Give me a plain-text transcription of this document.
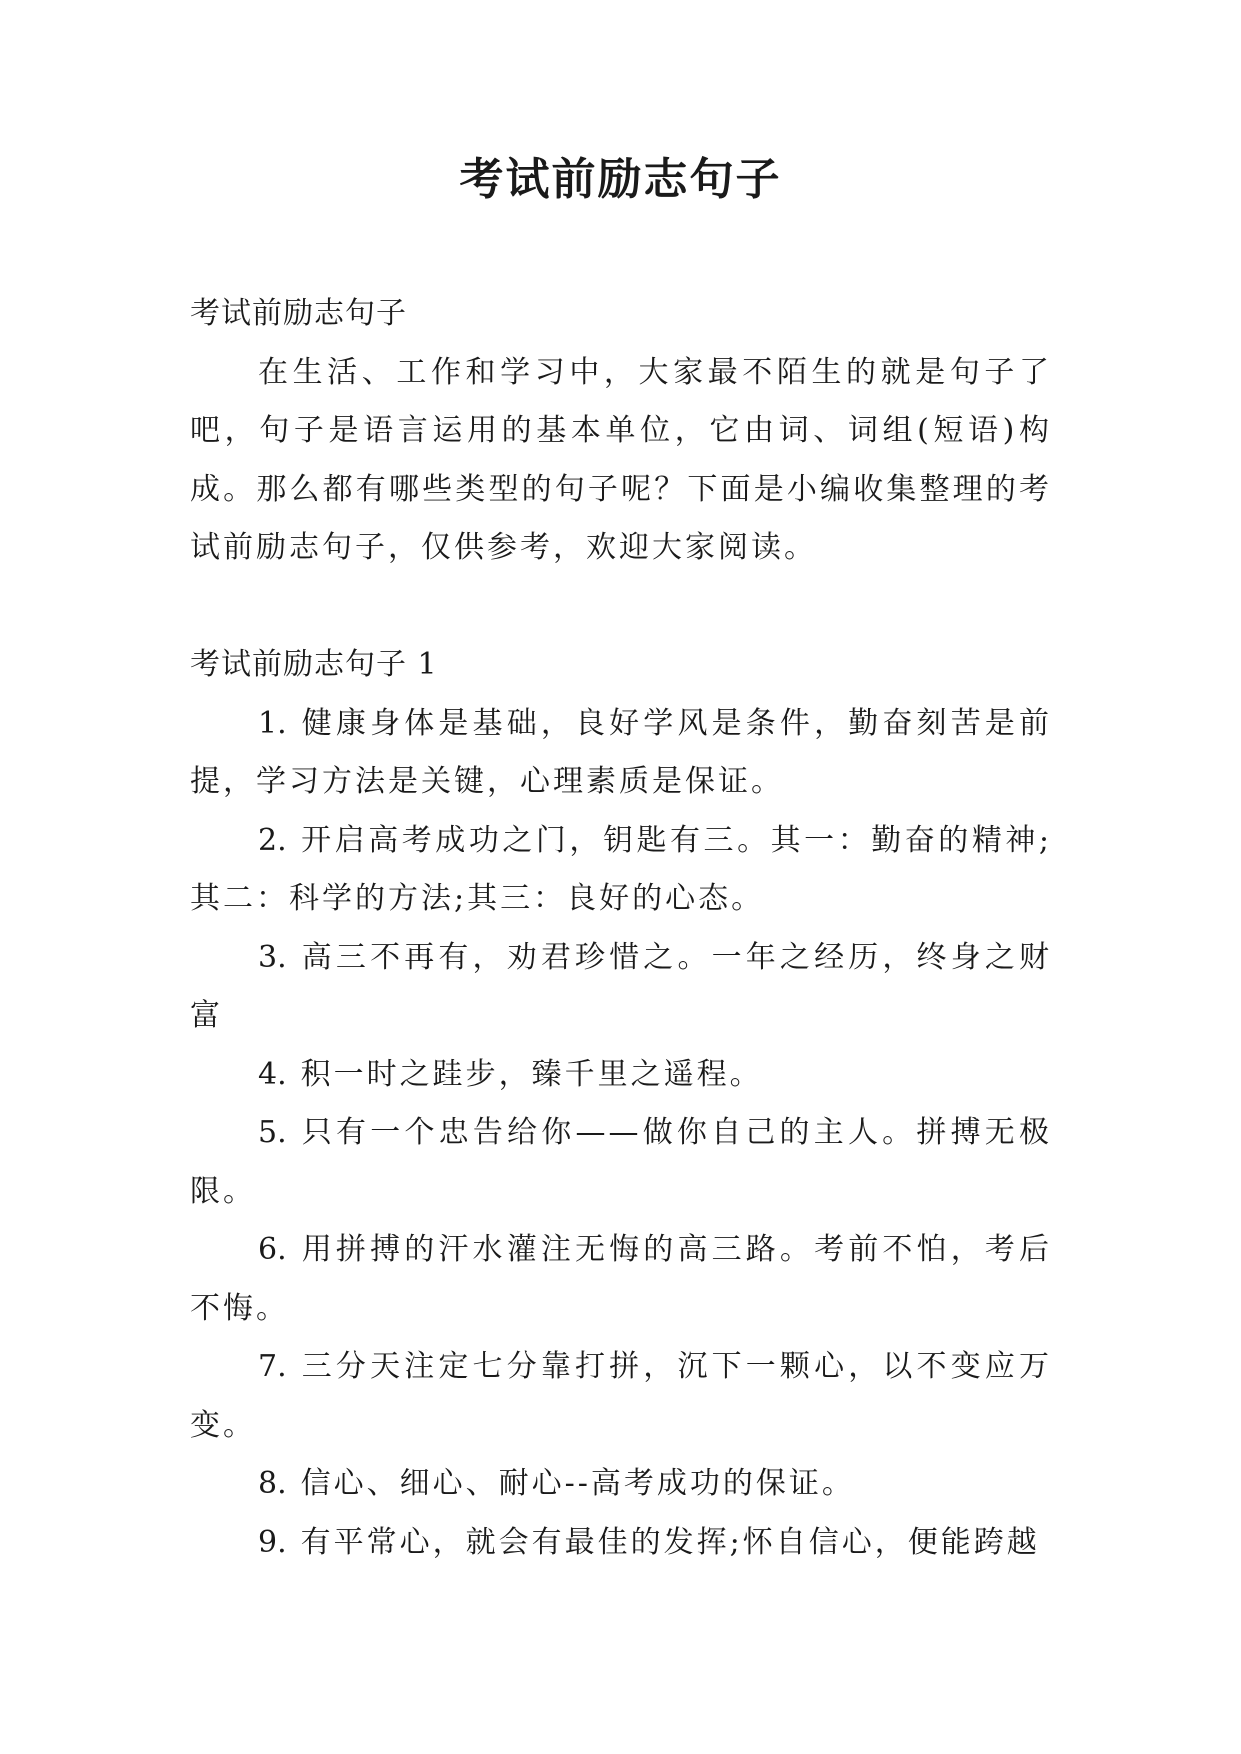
考试前励志句子

考试前励志句子

在生活、工作和学习中，大家最不陌生的就是句子了吧，句子是语言运用的基本单位，它由词、词组(短语)构成。那么都有哪些类型的句子呢？下面是小编收集整理的考试前励志句子，仅供参考，欢迎大家阅读。

考试前励志句子 1

1. 健康身体是基础，良好学风是条件，勤奋刻苦是前提，学习方法是关键，心理素质是保证。

2. 开启高考成功之门，钥匙有三。其一：勤奋的精神;其二：科学的方法;其三：良好的心态。

3. 高三不再有，劝君珍惜之。一年之经历，终身之财富

4. 积一时之跬步，臻千里之遥程。

5. 只有一个忠告给你——做你自己的主人。拼搏无极限。

6. 用拼搏的汗水灌注无悔的高三路。考前不怕，考后不悔。

7. 三分天注定七分靠打拼，沉下一颗心，以不变应万变。

8. 信心、细心、耐心--高考成功的保证。

9. 有平常心，就会有最佳的发挥;怀自信心，便能跨越
